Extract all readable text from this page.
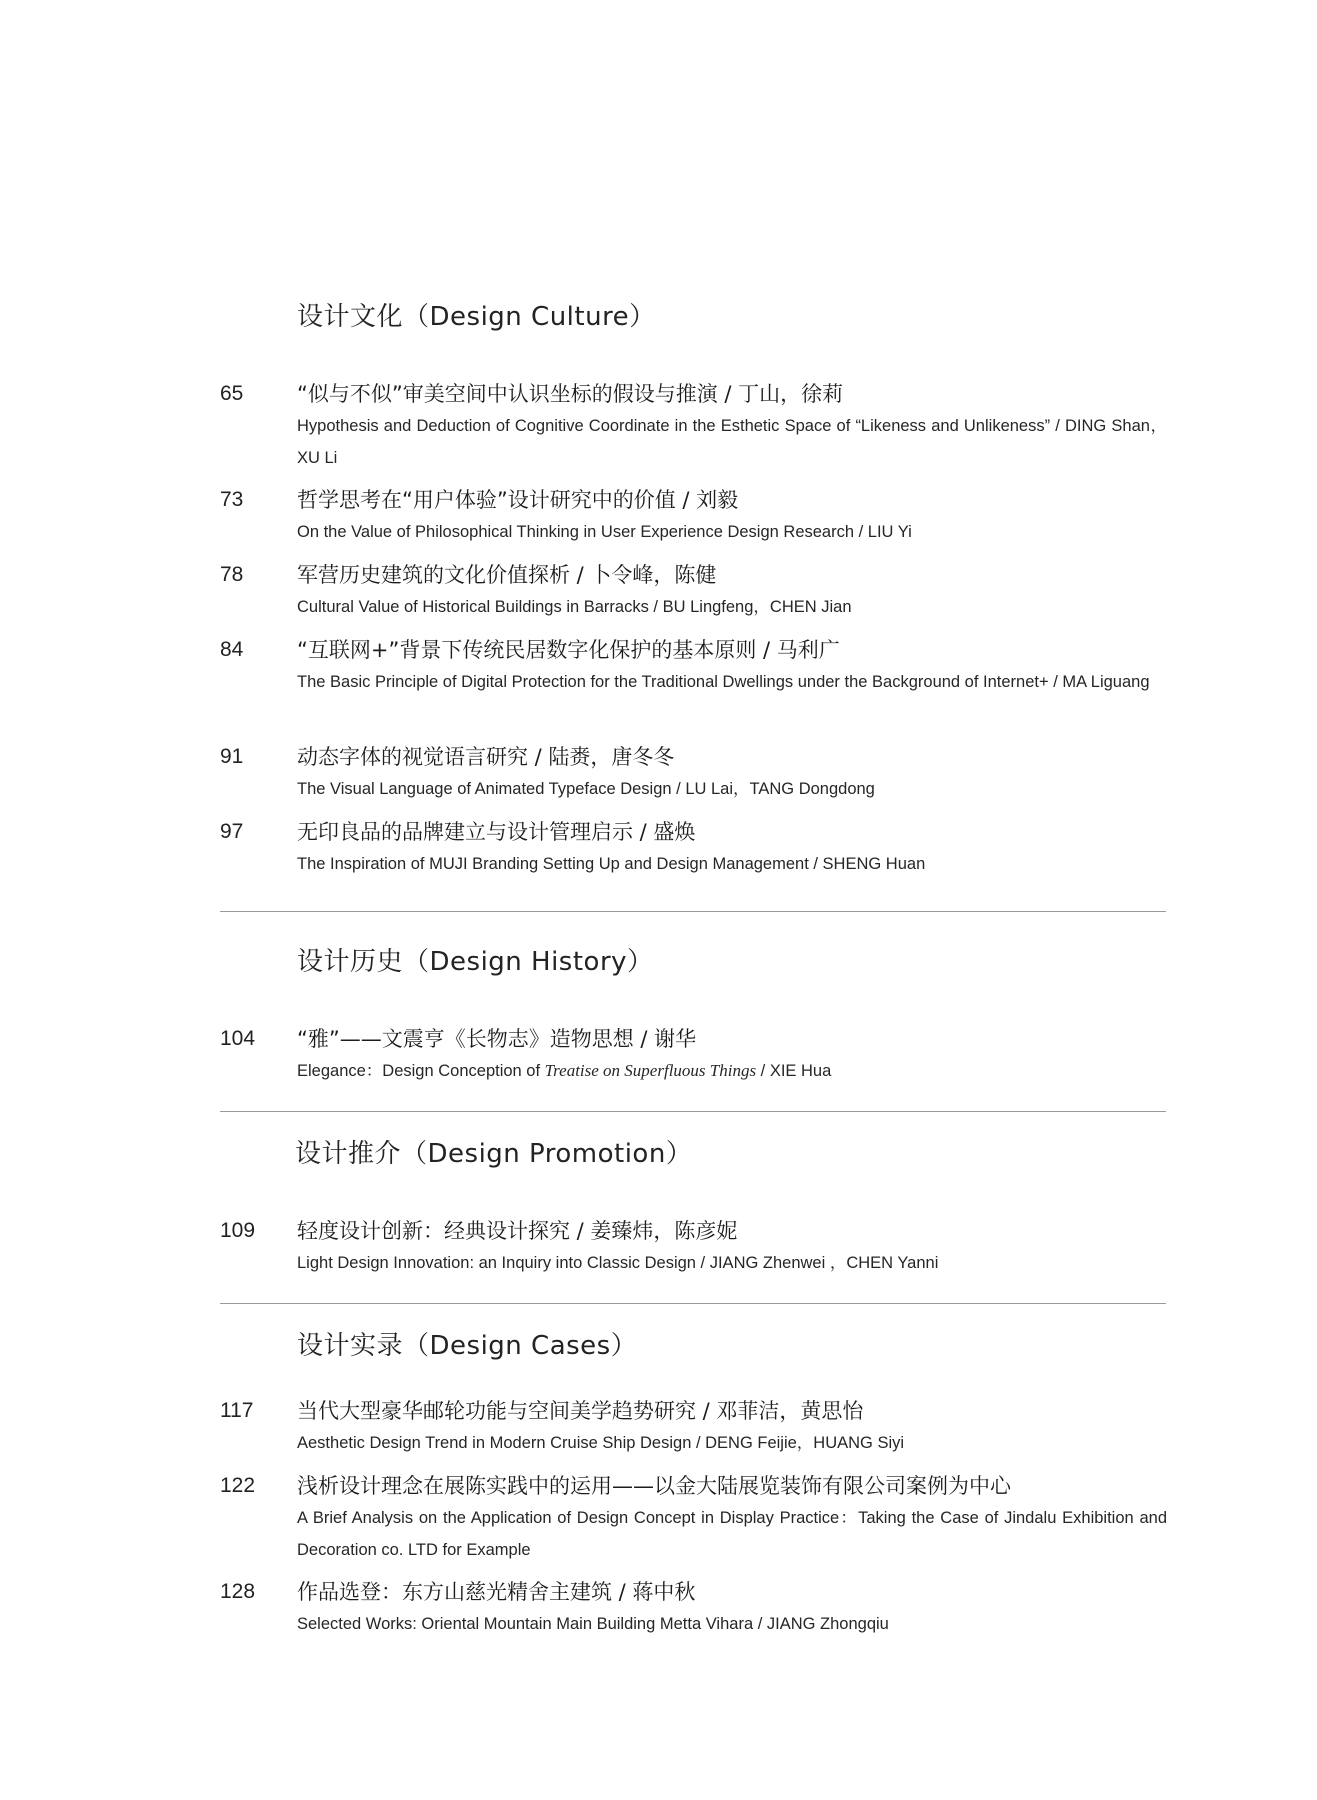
设计文化（Design Culture）
65	“似与不似”审美空间中认识坐标的假设与推演 / 丁山，徐莉
Hypothesis and Deduction of Cognitive Coordinate in the Esthetic Space of “Likeness and Unlikeness” / DING Shan，XU Li
73	哲学思考在“用户体验”设计研究中的价值 / 刘毅
On the Value of Philosophical Thinking in User Experience Design Research / LIU Yi
78	军营历史建筑的文化价值探析 / 卜令峰，陈健
Cultural Value of Historical Buildings in Barracks / BU Lingfeng，CHEN Jian
84	“互联网+”背景下传统民居数字化保护的基本原则 / 马利广
The Basic Principle of Digital Protection for the Traditional Dwellings under the Background of Internet+ / MA Liguang
91	动态字体的视觉语言研究 / 陆赉，唐冬冬
The Visual Language of Animated Typeface Design / LU Lai，TANG Dongdong
97	无印良品的品牌建立与设计管理启示 / 盛焕
The Inspiration of MUJI Branding Setting Up and Design Management / SHENG Huan
设计历史（Design History）
104 “雅”——文震亨《长物志》造物思想 / 谢华
Elegance：Design Conception of Treatise on Superfluous Things / XIE Hua
设计推介（Design Promotion）
109 轻度设计创新：经典设计探究 / 姜臻炜，陈彦妮
Light Design Innovation: an Inquiry into Classic Design / JIANG Zhenwei ，CHEN Yanni
设计实录（Design Cases）
117 当代大型豪华邮轮功能与空间美学趋势研究 / 邓菲洁，黄思怡
Aesthetic Design Trend in Modern Cruise Ship Design / DENG Feijie，HUANG Siyi
122 浅析设计理念在展陈实践中的运用——以金大陆展览装饰有限公司案例为中心
A Brief Analysis on the Application of Design Concept in Display Practice：Taking the Case of Jindalu Exhibition and Decoration co. LTD for Example
128 作品选登：东方山慈光精舍主建筑 / 蒋中秋
Selected Works: Oriental Mountain Main Building Metta Vihara / JIANG Zhongqiu
